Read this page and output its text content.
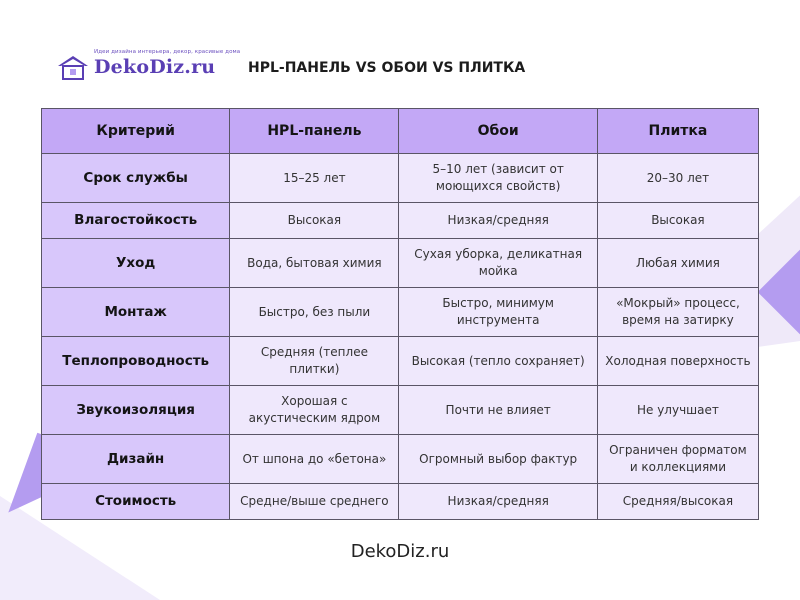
Идеи дизайна интерьера, декор, красивые дома
DekoDiz.ru HPL-ПАНЕЛЬ VS ОБОИ VS ПЛИТКА
Критерий	HPL-панель	Обои	Плитка
Срок службы	15–25 лет	5–10 лет (зависит от моющихся свойств)	20–30 лет
Влагостойкость	Высокая	Низкая/средняя	Высокая
Уход	Вода, бытовая химия	Сухая уборка, деликатная мойка	Любая химия
Монтаж	Быстро, без пыли	Быстро, минимум инструмента	«Мокрый» процесс, время на затирку
Теплопроводность	Средняя (теплее плитки)	Высокая (тепло сохраняет)	Холодная поверхность
Звукоизоляция	Хорошая с акустическим ядром	Почти не влияет	Не улучшает
Дизайн	От шпона до «бетона»	Огромный выбор фактур	Ограничен форматом и коллекциями
Стоимость	Средне/выше среднего	Низкая/средняя	Средняя/высокая
DekoDiz.ru
